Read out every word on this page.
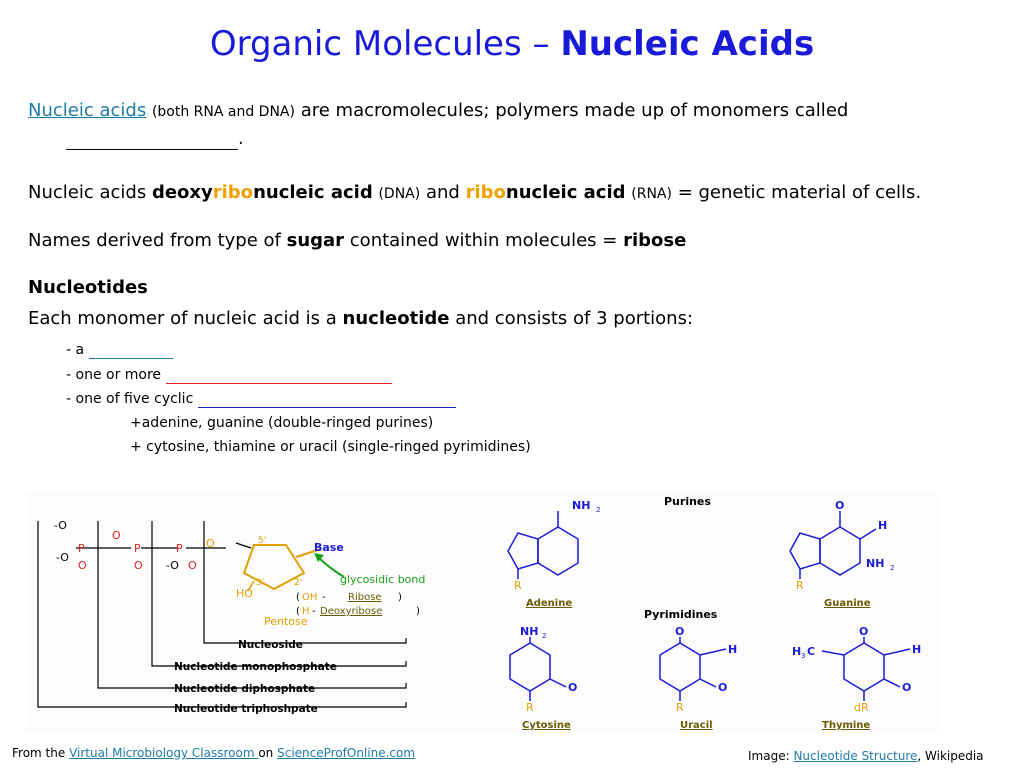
Organic Molecules – Nucleic Acids
Nucleic acids (both RNA and DNA) are macromolecules; polymers made up of monomers called
.
Nucleic acids deoxyribonucleic acid (DNA) and ribonucleic acid (RNA) = genetic material of cells.
Names derived from type of sugar contained within molecules = ribose
Nucleotides
Each monomer of nucleic acid is a nucleotide and consists of 3 portions:
- a
- one or more
- one of five cyclic
+adenine, guanine (double-ringed purines)
+ cytosine, thiamine or uracil (single-ringed pyrimidines)
-O
P
-O
O
O
P
O
P
-O O
O	5'
3'	2'
Base
HO
Pentose
glycosidic bond
( OH - Ribose )
( H - Deoxyribose	)
Nucleoside
Nucleotide monophosphate
Nucleotide diphosphate
Nucleotide triphoshpate
Purines
Pyrimidines
NH 2
R
Adenine
O
H
NH 2
R
Guanine
NH 2
O
R
Cytosine
O
H
O
R
Uracil
O
H 3 C	H
O
dR
Thymine
From the Virtual Microbiology Classroom on ScienceProfOnline.com	Image: Nucleotide Structure, Wikipedia
